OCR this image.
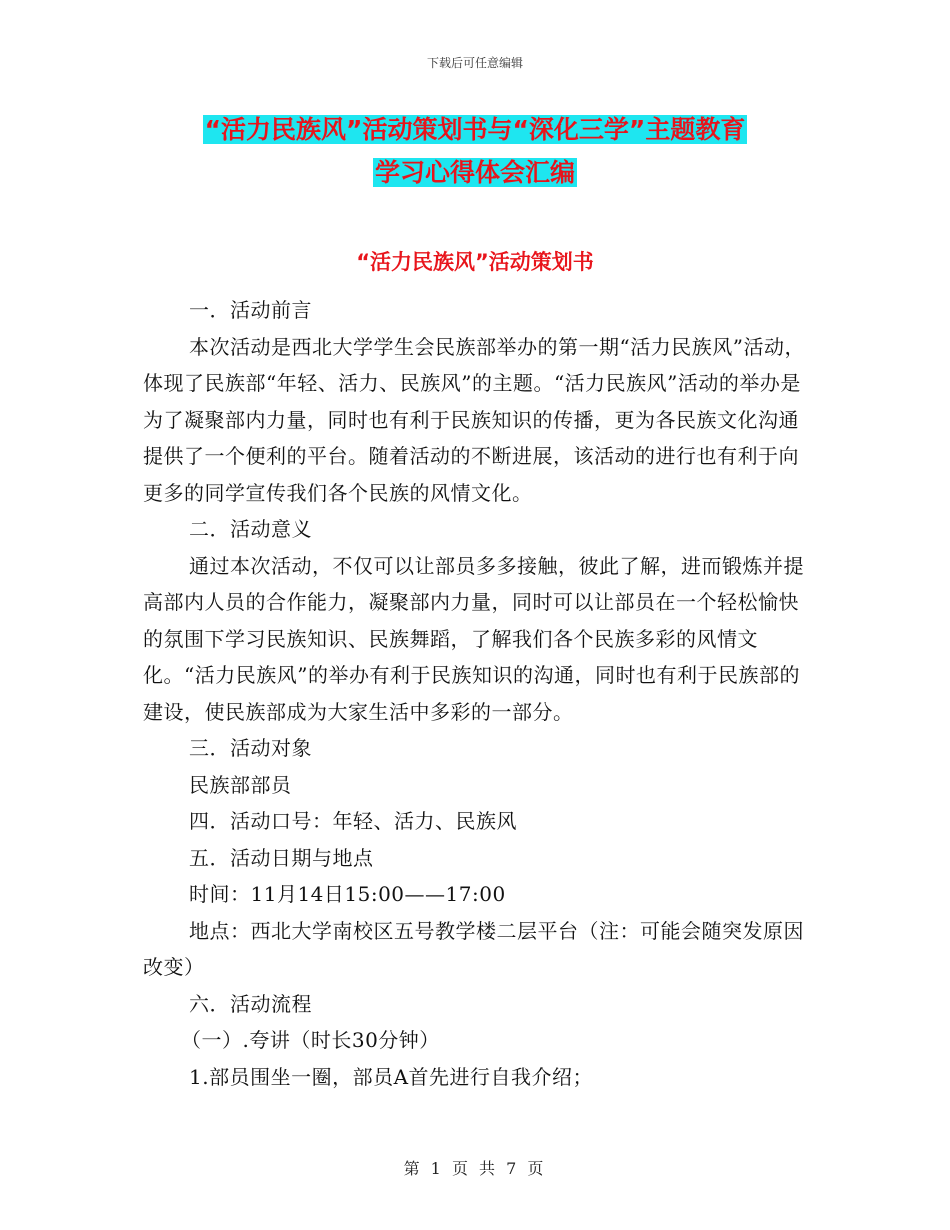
下载后可任意编辑
“活力民族风”活动策划书与“深化三学”主题教育
学习心得体会汇编
“活力民族风”活动策划书

一．活动前言

本次活动是西北大学学生会民族部举办的第一期“活力民族风”活动，体现了民族部“年轻、活力、民族风”的主题。“活力民族风”活动的举办是为了凝聚部内力量，同时也有利于民族知识的传播，更为各民族文化沟通提供了一个便利的平台。随着活动的不断进展，该活动的进行也有利于向更多的同学宣传我们各个民族的风情文化。

二．活动意义

通过本次活动，不仅可以让部员多多接触，彼此了解，进而锻炼并提高部内人员的合作能力，凝聚部内力量，同时可以让部员在一个轻松愉快的氛围下学习民族知识、民族舞蹈，了解我们各个民族多彩的风情文化。“活力民族风”的举办有利于民族知识的沟通，同时也有利于民族部的建设，使民族部成为大家生活中多彩的一部分。

三．活动对象

民族部部员

四．活动口号：年轻、活力、民族风

五．活动日期与地点

时间：11月14日15:00——17:00

地点：西北大学南校区五号教学楼二层平台（注：可能会随突发原因改变）

六．活动流程

（一）.夸讲（时长30分钟）

1.部员围坐一圈，部员A首先进行自我介绍；

第 1 页 共 7 页
